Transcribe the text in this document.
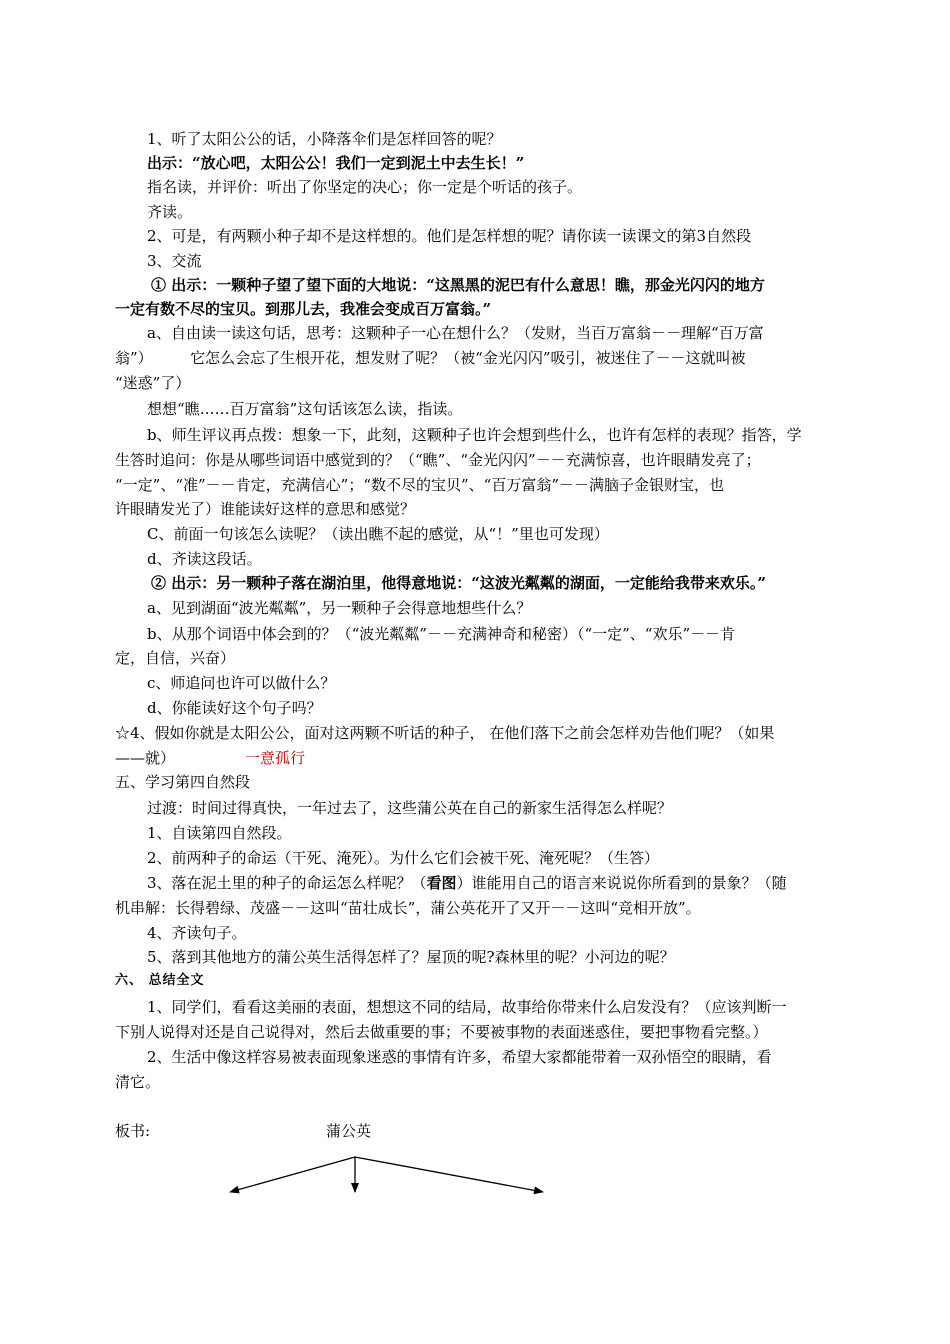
1、听了太阳公公的话，小降落伞们是怎样回答的呢？
出示：“放心吧，太阳公公！我们一定到泥土中去生长！”
指名读，并评价：听出了你坚定的决心；你一定是个听话的孩子。
齐读。
2、可是，有两颗小种子却不是这样想的。他们是怎样想的呢？请你读一读课文的第3自然段
3、交流
① 出示：一颗种子望了望下面的大地说：“这黑黑的泥巴有什么意思！瞧，那金光闪闪的地方
一定有数不尽的宝贝。到那儿去，我准会变成百万富翁。”
a、自由读一读这句话，思考：这颗种子一心在想什么？（发财，当百万富翁－－理解“百万富
翁”）　　　它怎么会忘了生根开花，想发财了呢？（被“金光闪闪”吸引，被迷住了－－这就叫被
“迷惑”了）
想想“瞧……百万富翁”这句话该怎么读，指读。
b、师生评议再点拨：想象一下，此刻，这颗种子也许会想到些什么，也许有怎样的表现？指答，学
生答时追问：你是从哪些词语中感觉到的？（“瞧”、“金光闪闪”－－充满惊喜，也许眼睛发亮了；
“一定”、“准”－－肯定，充满信心”；“数不尽的宝贝”、“百万富翁”－－满脑子金银财宝，也
许眼睛发光了）谁能读好这样的意思和感觉？
C、前面一句该怎么读呢？（读出瞧不起的感觉，从“！”里也可发现）
d、齐读这段话。
② 出示：另一颗种子落在湖泊里，他得意地说：“这波光粼粼的湖面，一定能给我带来欢乐。”
a、见到湖面“波光粼粼”，另一颗种子会得意地想些什么？
b、从那个词语中体会到的？（“波光粼粼”－－充满神奇和秘密）（“一定”、“欢乐”－－肯
定，自信，兴奋）
c、师追问也许可以做什么？
d、你能读好这个句子吗？
☆4、假如你就是太阳公公，面对这两颗不听话的种子， 在他们落下之前会怎样劝告他们呢？（如果
——就）	一意孤行
五、学习第四自然段
过渡：时间过得真快，一年过去了，这些蒲公英在自己的新家生活得怎么样呢？
1、自读第四自然段。
2、前两种子的命运（干死、淹死）。为什么它们会被干死、淹死呢？（生答）
3、落在泥土里的种子的命运怎么样呢？（看图）谁能用自己的语言来说说你所看到的景象？（随
机串解：长得碧绿、茂盛－－这叫“苗壮成长”，蒲公英花开了又开－－这叫“竞相开放”。
4、齐读句子。
5、落到其他地方的蒲公英生活得怎样了？屋顶的呢?森林里的呢？小河边的呢？
六、 总结全文
1、同学们，看看这美丽的表面，想想这不同的结局，故事给你带来什么启发没有？（应该判断一
下别人说得对还是自己说得对，然后去做重要的事；不要被事物的表面迷惑住，要把事物看完整。）
2、生活中像这样容易被表面现象迷惑的事情有许多，希望大家都能带着一双孙悟空的眼睛，看
清它。
板书:	蒲公英
